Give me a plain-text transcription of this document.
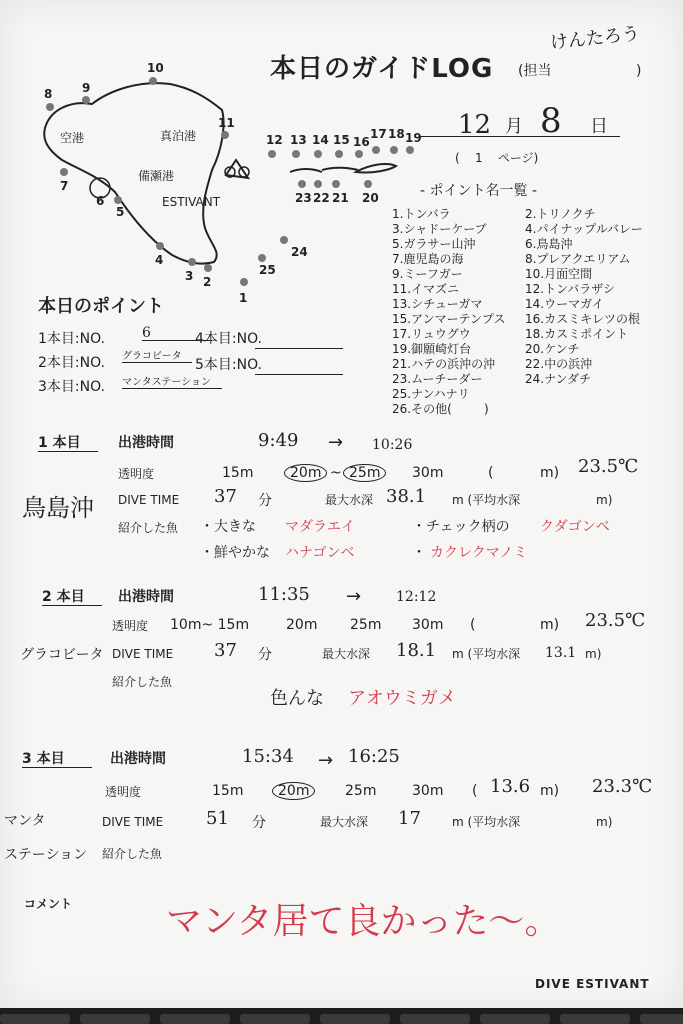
空港	真泊港
備瀬港
ESTIVANT
1
2
3
4
5
6
7
8 9
10
11
12 13 14 15 16
17 18 19
20
21
22
23
24
25
本日のガイドLOG (担当
けんたろう
)
12 月 8 日
(    1    ページ)
本日のポイント
1本目:NO.	6
2本目:NO. グラコビータ
3本目:NO. マンタステーション
4本目:NO.
5本目:NO.
- ポイント名一覧 -
1.トンバラ
3.シャドーケーブ
5.ガラサー山沖
7.鹿児島の海
9.ミーフガー
11.イマズニ
13.シチューガマ
15.アンマーテンプス
17.リュウグウ
19.御願崎灯台
21.ハテの浜沖の沖
23.ムーチーダー
25.ナンハナリ
26.その他(	)
2.トリノクチ
4.パイナップルバレー
6.鳥島沖
8.プレアクエリアム
10.月面空間
12.トンバラザシ
14.ウーマガイ
16.カスミキレツの根
18.カスミポイント
20.ケンチ
22.中の浜沖
24.ナンダチ
1 本目	出港時間	9:49 → 10:26
透明度	15m	20m ~ 25m	30m	(	m) 23.5℃
鳥島沖 DIVE TIME 37 分	最大水深 38.1 m (平均水深	m)
紹介した魚 ・大きな マダラエイ	・チェック柄の クダゴンベ
・鮮やかな ハナゴンベ	・ カクレクマノミ
2 本目	出港時間	11:35 → 12:12
透明度 10m~ 15m	20m 25m 30m (	m) 23.5℃
グラコビータ DIVE TIME 37 分	最大水深 18.1 m (平均水深 13.1 m)
紹介した魚
色んな アオウミガメ
3 本目	出港時間	15:34 → 16:25
透明度	15m	20m	25m	30m ( 13.6 m) 23.3℃
マンタ
ステーション
DIVE TIME 51 分	最大水深 17	m (平均水深	m)
紹介した魚
コメント	マンタ居て良かった〜。
DIVE ESTIVANT
